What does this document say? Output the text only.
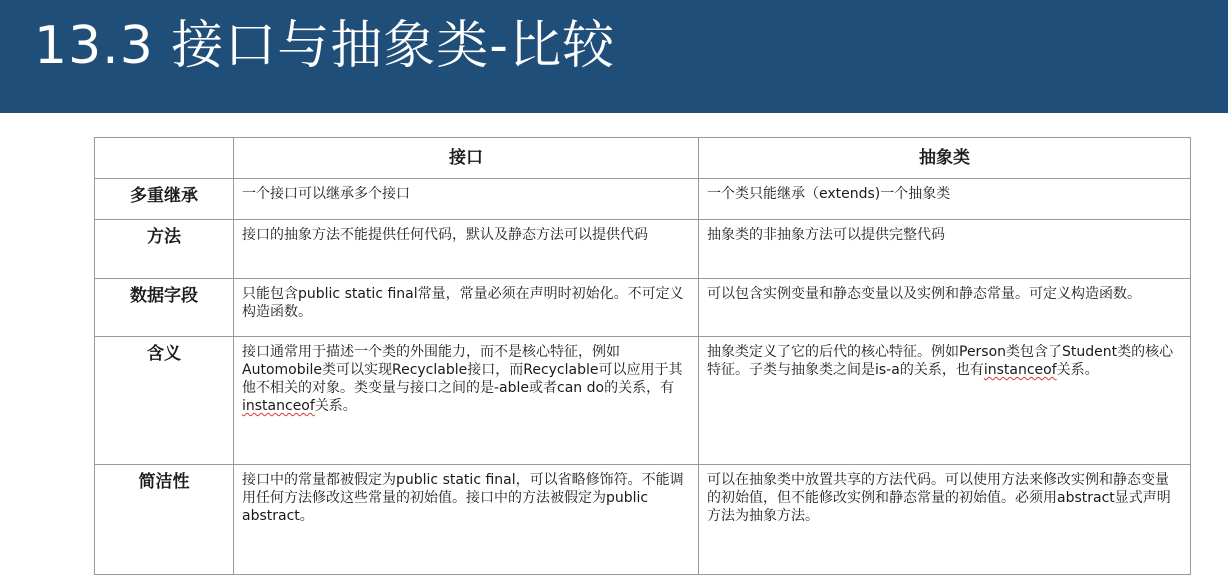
13.3 接口与抽象类-比较
	接口	抽象类
多重继承	一个接口可以继承多个接口	一个类只能继承（extends)一个抽象类
方法	接口的抽象方法不能提供任何代码，默认及静态方法可以提供代码	抽象类的非抽象方法可以提供完整代码
数据字段	只能包含public static final常量，常量必须在声明时初始化。不可定义构造函数。	可以包含实例变量和静态变量以及实例和静态常量。可定义构造函数。
含义	接口通常用于描述一个类的外围能力，而不是核心特征，例如Automobile类可以实现Recyclable接口，而Recyclable可以应用于其他不相关的对象。类变量与接口之间的是-able或者can do的关系，有instanceof关系。	抽象类定义了它的后代的核心特征。例如Person类包含了Student类的核心特征。子类与抽象类之间是is-a的关系，也有instanceof关系。
简洁性	接口中的常量都被假定为public static final，可以省略修饰符。不能调用任何方法修改这些常量的初始值。接口中的方法被假定为public abstract。	可以在抽象类中放置共享的方法代码。可以使用方法来修改实例和静态变量的初始值，但不能修改实例和静态常量的初始值。必须用abstract显式声明方法为抽象方法。
